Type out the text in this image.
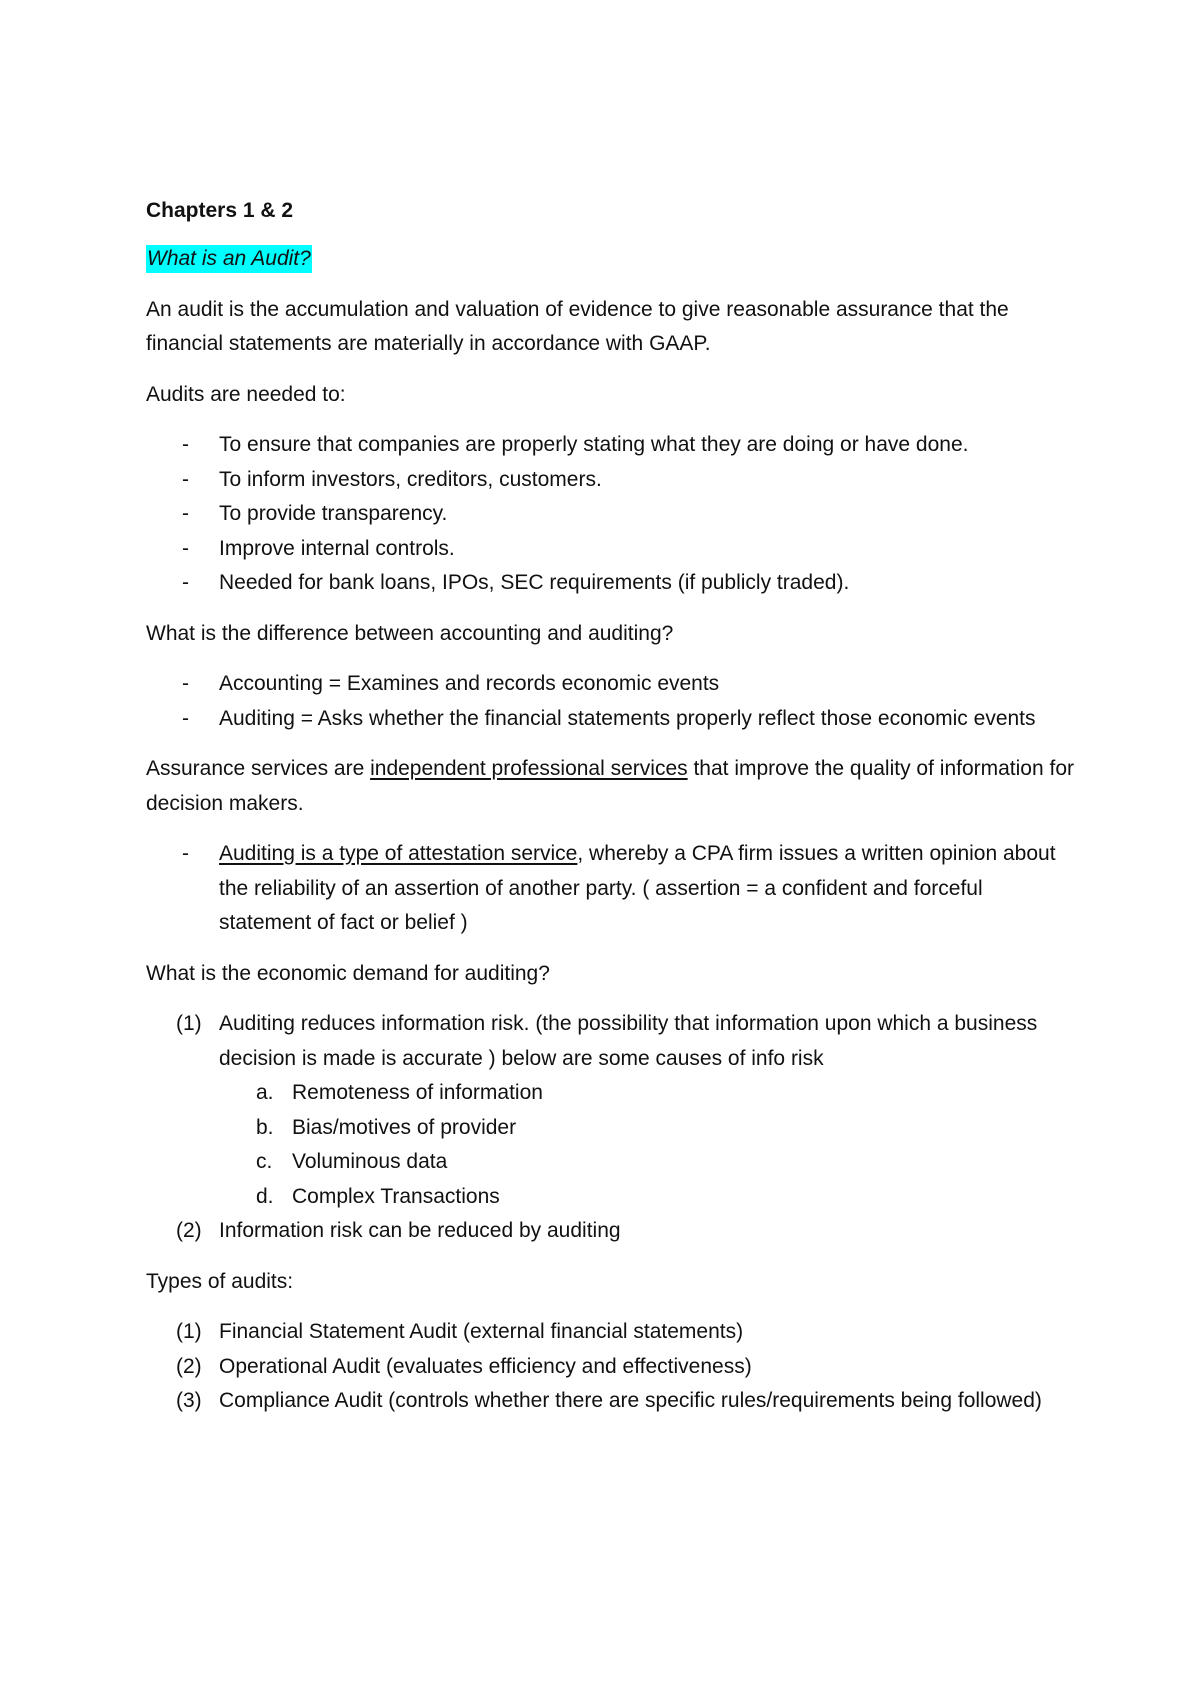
Chapters 1 & 2

What is an Audit?

An audit is the accumulation and valuation of evidence to give reasonable assurance that the financial statements are materially in accordance with GAAP.

Audits are needed to:

- To ensure that companies are properly stating what they are doing or have done.
- To inform investors, creditors, customers.
- To provide transparency.
- Improve internal controls.
- Needed for bank loans, IPOs, SEC requirements (if publicly traded).

What is the difference between accounting and auditing?

- Accounting = Examines and records economic events
- Auditing = Asks whether the financial statements properly reflect those economic events

Assurance services are independent professional services that improve the quality of information for decision makers.

- Auditing is a type of attestation service, whereby a CPA firm issues a written opinion about the reliability of an assertion of another party. ( assertion = a confident and forceful statement of fact or belief )

What is the economic demand for auditing?

(1) Auditing reduces information risk. (the possibility that information upon which a business decision is made is accurate ) below are some causes of info risk
a. Remoteness of information
b. Bias/motives of provider
c. Voluminous data
d. Complex Transactions
(2) Information risk can be reduced by auditing

Types of audits:

(1) Financial Statement Audit (external financial statements)
(2) Operational Audit (evaluates efficiency and effectiveness)
(3) Compliance Audit (controls whether there are specific rules/requirements being followed)
